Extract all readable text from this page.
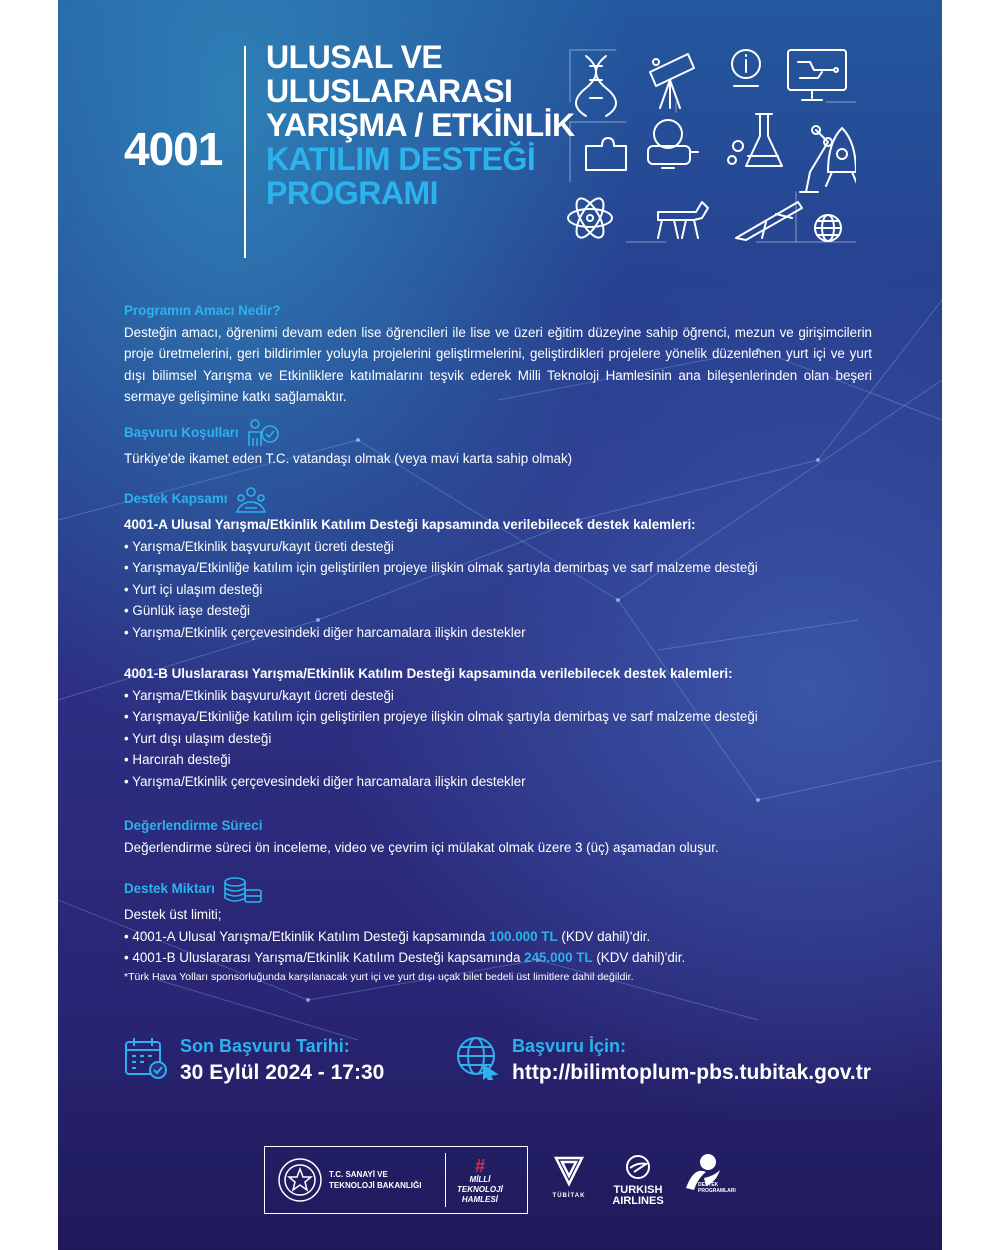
4001
ULUSAL VE
ULUSLARARASI
YARIŞMA / ETKİNLİK
KATILIM DESTEĞİ
PROGRAMI
Programın Amacı Nedir?
Desteğin amacı, öğrenimi devam eden lise öğrencileri ile lise ve üzeri eğitim düzeyine sahip öğrenci, mezun ve girişimcilerin proje üretmelerini, geri bildirimler yoluyla projelerini geliştirmelerini, geliştirdikleri projelere yönelik düzenlenen yurt içi ve yurt dışı bilimsel Yarışma ve Etkinliklere katılmalarını teşvik ederek Milli Teknoloji Hamlesinin ana bileşenlerinden olan beşeri sermaye gelişimine katkı sağlamaktır.
Başvuru Koşulları
Türkiye'de ikamet eden T.C. vatandaşı olmak (veya mavi karta sahip olmak)
Destek Kapsamı
4001-A Ulusal Yarışma/Etkinlik Katılım Desteği kapsamında verilebilecek destek kalemleri:
• Yarışma/Etkinlik başvuru/kayıt ücreti desteği
• Yarışmaya/Etkinliğe katılım için geliştirilen projeye ilişkin olmak şartıyla demirbaş ve sarf malzeme desteği
• Yurt içi ulaşım desteği
• Günlük iaşe desteği
• Yarışma/Etkinlik çerçevesindeki diğer harcamalara ilişkin destekler
4001-B Uluslararası Yarışma/Etkinlik Katılım Desteği kapsamında verilebilecek destek kalemleri:
• Yarışma/Etkinlik başvuru/kayıt ücreti desteği
• Yarışmaya/Etkinliğe katılım için geliştirilen projeye ilişkin olmak şartıyla demirbaş ve sarf malzeme desteği
• Yurt dışı ulaşım desteği
• Harcırah desteği
• Yarışma/Etkinlik çerçevesindeki diğer harcamalara ilişkin destekler
Değerlendirme Süreci
Değerlendirme süreci ön inceleme, video ve çevrim içi mülakat olmak üzere 3 (üç) aşamadan oluşur.
Destek Miktarı
Destek üst limiti;
• 4001-A Ulusal Yarışma/Etkinlik Katılım Desteği kapsamında 100.000 TL (KDV dahil)'dir.
• 4001-B Uluslararası Yarışma/Etkinlik Katılım Desteği kapsamında 245.000 TL (KDV dahil)'dir.
*Türk Hava Yolları sponsorluğunda karşılanacak yurt içi ve yurt dışı uçak bilet bedeli üst limitlere dahil değildir.
Son Başvuru Tarihi:
30 Eylül 2024 - 17:30
Başvuru İçin:
http://bilimtoplum-pbs.tubitak.gov.tr
T.C. SANAYİ VE
TEKNOLOJİ BAKANLIĞI
#
MİLLİ
TEKNOLOJİ
HAMLESİ	TÜBİTAK	TURKISH
AIRLINES
DESTEK
PROGRAMLARI
